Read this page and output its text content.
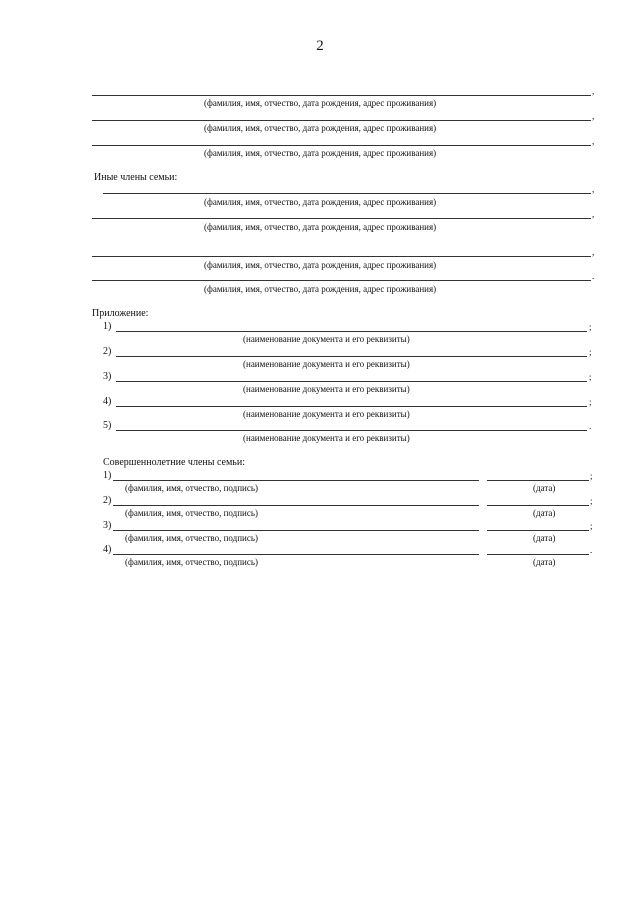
2
,
(фамилия, имя, отчество, дата рождения, адрес проживания)
,
(фамилия, имя, отчество, дата рождения, адрес проживания)
,
(фамилия, имя, отчество, дата рождения, адрес проживания)
Иные члены семьи:
,
(фамилия, имя, отчество, дата рождения, адрес проживания)
,
(фамилия, имя, отчество, дата рождения, адрес проживания)
,
(фамилия, имя, отчество, дата рождения, адрес проживания)
.
(фамилия, имя, отчество, дата рождения, адрес проживания)
Приложение:
1)	;
(наименование документа и его реквизиты)
2)	;
(наименование документа и его реквизиты)
3)	;
(наименование документа и его реквизиты)
4)	;
(наименование документа и его реквизиты)
5)	.
(наименование документа и его реквизиты)
Совершеннолетние члены семьи:
1)	;
(фамилия, имя, отчество, подпись)	(дата)
2)	;
(фамилия, имя, отчество, подпись)	(дата)
3)	;
(фамилия, имя, отчество, подпись)	(дата)
4)	.
(фамилия, имя, отчество, подпись)	(дата)
